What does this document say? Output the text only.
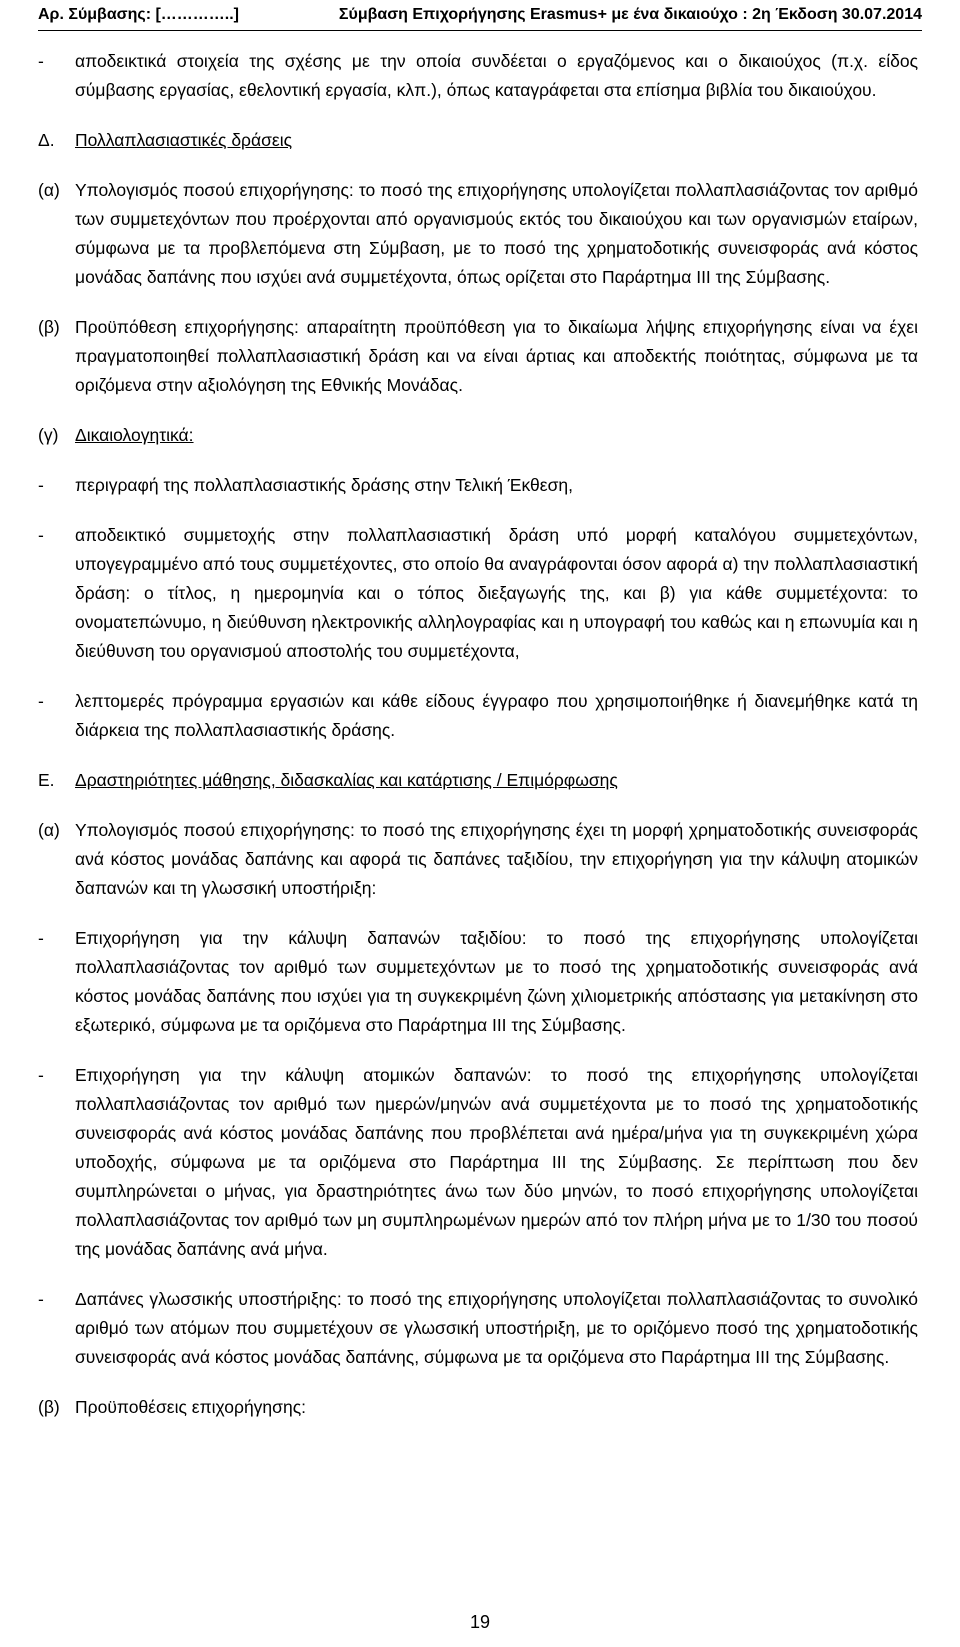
Αρ. Σύμβασης: […………..]	Σύμβαση Επιχορήγησης Erasmus+ με ένα δικαιούχο : 2η Έκδοση 30.07.2014
-	αποδεικτικά στοιχεία της σχέσης με την οποία συνδέεται ο εργαζόμενος και ο δικαιούχος (π.χ. είδος σύμβασης εργασίας, εθελοντική εργασία, κλπ.), όπως καταγράφεται στα επίσημα βιβλία του δικαιούχου.
Δ.	Πολλαπλασιαστικές δράσεις
(α) Υπολογισμός ποσού επιχορήγησης: το ποσό της επιχορήγησης υπολογίζεται πολλαπλασιάζοντας τον αριθμό των συμμετεχόντων που προέρχονται από οργανισμούς εκτός του δικαιούχου και των οργανισμών εταίρων, σύμφωνα με τα προβλεπόμενα στη Σύμβαση, με το ποσό της χρηματοδοτικής συνεισφοράς ανά κόστος μονάδας δαπάνης που ισχύει ανά συμμετέχοντα, όπως ορίζεται στο Παράρτημα ΙΙΙ της Σύμβασης.
(β) Προϋπόθεση επιχορήγησης: απαραίτητη προϋπόθεση για το δικαίωμα λήψης επιχορήγησης είναι να έχει πραγματοποιηθεί πολλαπλασιαστική δράση και να είναι άρτιας και αποδεκτής ποιότητας, σύμφωνα με τα οριζόμενα στην αξιολόγηση της Εθνικής Μονάδας.
(γ) Δικαιολογητικά:
-	περιγραφή της πολλαπλασιαστικής δράσης στην Τελική Έκθεση,
-	αποδεικτικό συμμετοχής στην πολλαπλασιαστική δράση υπό μορφή καταλόγου συμμετεχόντων, υπογεγραμμένο από τους συμμετέχοντες, στο οποίο θα αναγράφονται όσον αφορά α) την πολλαπλασιαστική δράση: ο τίτλος, η ημερομηνία και ο τόπος διεξαγωγής της, και β) για κάθε συμμετέχοντα: το ονοματεπώνυμο, η διεύθυνση ηλεκτρονικής αλληλογραφίας και η υπογραφή του καθώς και η επωνυμία και η διεύθυνση του οργανισμού αποστολής του συμμετέχοντα,
-	λεπτομερές πρόγραμμα εργασιών και κάθε είδους έγγραφο που χρησιμοποιήθηκε ή διανεμήθηκε κατά τη διάρκεια της πολλαπλασιαστικής δράσης.
Ε.	Δραστηριότητες μάθησης, διδασκαλίας και κατάρτισης / Επιμόρφωσης
(α) Υπολογισμός ποσού επιχορήγησης: το ποσό της επιχορήγησης έχει τη μορφή χρηματοδοτικής συνεισφοράς ανά κόστος μονάδας δαπάνης και αφορά τις δαπάνες ταξιδίου, την επιχορήγηση για την κάλυψη ατομικών δαπανών και τη γλωσσική υποστήριξη:
-	Επιχορήγηση για την κάλυψη δαπανών ταξιδίου: το ποσό της επιχορήγησης υπολογίζεται πολλαπλασιάζοντας τον αριθμό των συμμετεχόντων με το ποσό της χρηματοδοτικής συνεισφοράς ανά κόστος μονάδας δαπάνης που ισχύει για τη συγκεκριμένη ζώνη χιλιομετρικής απόστασης για μετακίνηση στο εξωτερικό, σύμφωνα με τα οριζόμενα στο Παράρτημα ΙΙΙ της Σύμβασης.
-	Επιχορήγηση για την κάλυψη ατομικών δαπανών: το ποσό της επιχορήγησης υπολογίζεται πολλαπλασιάζοντας τον αριθμό των ημερών/μηνών ανά συμμετέχοντα με το ποσό της χρηματοδοτικής συνεισφοράς ανά κόστος μονάδας δαπάνης που προβλέπεται ανά ημέρα/μήνα για τη συγκεκριμένη χώρα υποδοχής, σύμφωνα με τα οριζόμενα στο Παράρτημα ΙΙΙ της Σύμβασης. Σε περίπτωση που δεν συμπληρώνεται ο μήνας, για δραστηριότητες άνω των δύο μηνών, το ποσό επιχορήγησης υπολογίζεται πολλαπλασιάζοντας τον αριθμό των μη συμπληρωμένων ημερών από τον πλήρη μήνα με το 1/30 του ποσού της μονάδας δαπάνης ανά μήνα.
-	Δαπάνες γλωσσικής υποστήριξης: το ποσό της επιχορήγησης υπολογίζεται πολλαπλασιάζοντας το συνολικό αριθμό των ατόμων που συμμετέχουν σε γλωσσική υποστήριξη, με το οριζόμενο ποσό της χρηματοδοτικής συνεισφοράς ανά κόστος μονάδας δαπάνης, σύμφωνα με τα οριζόμενα στο Παράρτημα ΙΙΙ της Σύμβασης.
(β) Προϋποθέσεις επιχορήγησης:
19
